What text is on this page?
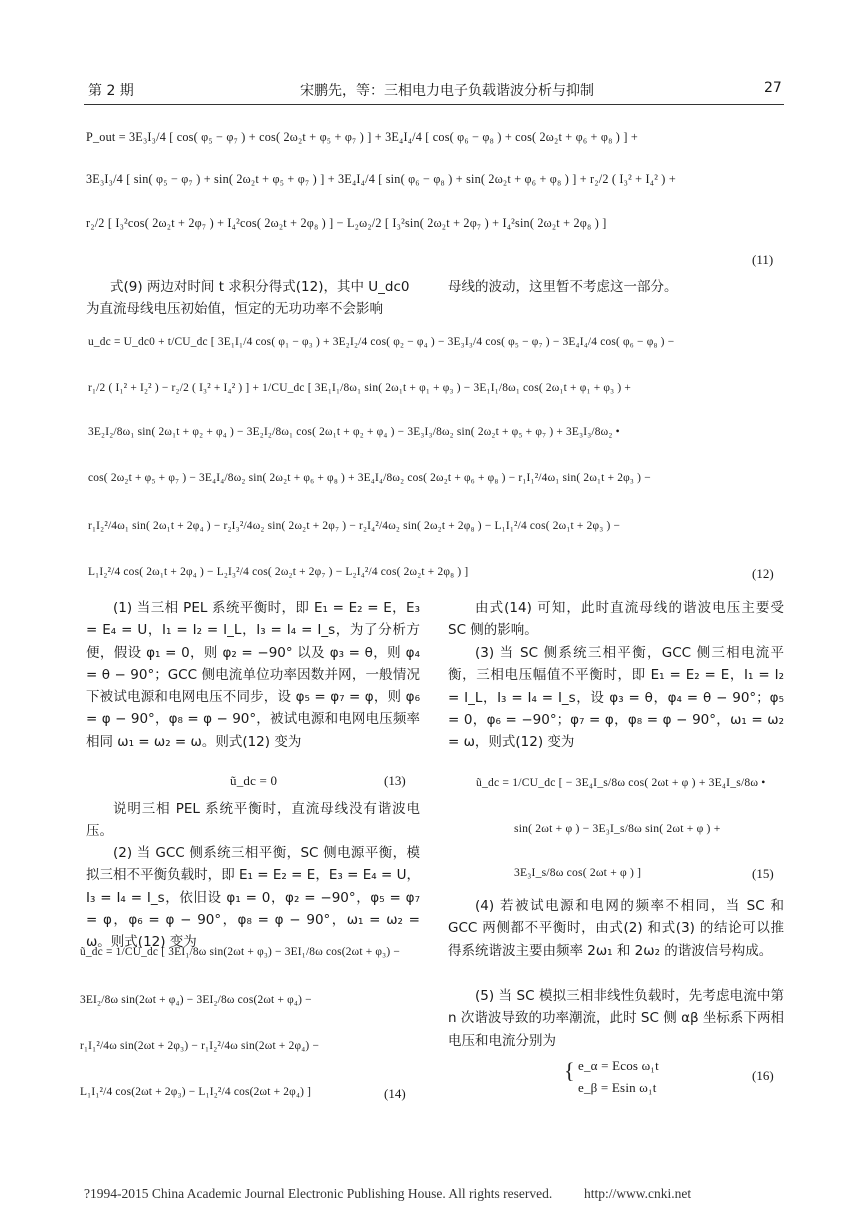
第 2 期	宋鹏先，等：三相电力电子负载谐波分析与抑制	27
P_out = 3E₃I₃/4 [ cos( φ₅ − φ₇ ) + cos( 2ω₂t + φ₅ + φ₇ ) ] + 3E₄I₄/4 [ cos( φ₆ − φ₈ ) + cos( 2ω₂t + φ₆ + φ₈ ) ] +
3E₃I₃/4 [ sin( φ₅ − φ₇ ) + sin( 2ω₂t + φ₅ + φ₇ ) ] + 3E₄I₄/4 [ sin( φ₆ − φ₈ ) + sin( 2ω₂t + φ₆ + φ₈ ) ] + r₂/2 ( I₃² + I₄² ) +
r₂/2 [ I₃²cos( 2ω₂t + 2φ₇ ) + I₄²cos( 2ω₂t + 2φ₈ ) ] − L₂ω₂/2 [ I₃²sin( 2ω₂t + 2φ₇ ) + I₄²sin( 2ω₂t + 2φ₈ ) ]
(11)
式(9) 两边对时间 t 求积分得式(12)，其中 U_dc0
为直流母线电压初始值，恒定的无功功率不会影响
母线的波动，这里暂不考虑这一部分。
u_dc = U_dc0 + t/CU_dc [ 3E₁I₁/4 cos( φ₁ − φ₃ ) + 3E₂I₂/4 cos( φ₂ − φ₄ ) − 3E₃I₃/4 cos( φ₅ − φ₇ ) − 3E₄I₄/4 cos( φ₆ − φ₈ ) −
r₁/2 ( I₁² + I₂² ) − r₂/2 ( I₃² + I₄² ) ] + 1/CU_dc [ 3E₁I₁/8ω₁ sin( 2ω₁t + φ₁ + φ₃ ) − 3E₁I₁/8ω₁ cos( 2ω₁t + φ₁ + φ₃ ) +
3E₂I₂/8ω₁ sin( 2ω₁t + φ₂ + φ₄ ) − 3E₂I₂/8ω₁ cos( 2ω₁t + φ₂ + φ₄ ) − 3E₃I₃/8ω₂ sin( 2ω₂t + φ₅ + φ₇ ) + 3E₃I₃/8ω₂ •
cos( 2ω₂t + φ₅ + φ₇ ) − 3E₄I₄/8ω₂ sin( 2ω₂t + φ₆ + φ₈ ) + 3E₄I₄/8ω₂ cos( 2ω₂t + φ₆ + φ₈ ) − r₁I₁²/4ω₁ sin( 2ω₁t + 2φ₃ ) −
r₁I₂²/4ω₁ sin( 2ω₁t + 2φ₄ ) − r₂I₃²/4ω₂ sin( 2ω₂t + 2φ₇ ) − r₂I₄²/4ω₂ sin( 2ω₂t + 2φ₈ ) − L₁I₁²/4 cos( 2ω₁t + 2φ₃ ) −
L₁I₂²/4 cos( 2ω₁t + 2φ₄ ) − L₂I₃²/4 cos( 2ω₂t + 2φ₇ ) − L₂I₄²/4 cos( 2ω₂t + 2φ₈ ) ]	(12)
(1) 当三相 PEL 系统平衡时，即 E₁ = E₂ = E，E₃ = E₄ = U，I₁ = I₂ = I_L，I₃ = I₄ = I_s，为了分析方便，假设 φ₁ = 0，则 φ₂ = −90° 以及 φ₃ = θ，则 φ₄ = θ − 90°；GCC 侧电流单位功率因数并网，一般情况下被试电源和电网电压不同步，设 φ₅ = φ₇ = φ，则 φ₆ = φ − 90°，φ₈ = φ − 90°，被试电源和电网电压频率相同 ω₁ = ω₂ = ω。则式(12) 变为
ũ_dc = 0	(13)
说明三相 PEL 系统平衡时，直流母线没有谐波电压。
(2) 当 GCC 侧系统三相平衡，SC 侧电源平衡，模拟三相不平衡负载时，即 E₁ = E₂ = E，E₃ = E₄ = U，I₃ = I₄ = I_s，依旧设 φ₁ = 0，φ₂ = −90°，φ₅ = φ₇ = φ，φ₆ = φ − 90°，φ₈ = φ − 90°，ω₁ = ω₂ = ω。则式(12) 变为
ũ_dc = 1/CU_dc [ 3EI₁/8ω sin(2ωt + φ₃) − 3EI₁/8ω cos(2ωt + φ₃) −
3EI₂/8ω sin(2ωt + φ₄) − 3EI₂/8ω cos(2ωt + φ₄) −
r₁I₁²/4ω sin(2ωt + 2φ₃) − r₁I₂²/4ω sin(2ωt + 2φ₄) −
L₁I₁²/4 cos(2ωt + 2φ₃) − L₁I₂²/4 cos(2ωt + 2φ₄) ]	(14)
由式(14) 可知，此时直流母线的谐波电压主要受 SC 侧的影响。
(3) 当 SC 侧系统三相平衡，GCC 侧三相电流平衡，三相电压幅值不平衡时，即 E₁ = E₂ = E，I₁ = I₂ = I_L，I₃ = I₄ = I_s，设 φ₃ = θ，φ₄ = θ − 90°；φ₅ = 0，φ₆ = −90°；φ₇ = φ，φ₈ = φ − 90°，ω₁ = ω₂ = ω，则式(12) 变为
ũ_dc = 1/CU_dc [ − 3E₄I_s/8ω cos( 2ωt + φ ) + 3E₄I_s/8ω •
sin( 2ωt + φ ) − 3E₃I_s/8ω sin( 2ωt + φ ) +
3E₃I_s/8ω cos( 2ωt + φ ) ]	(15)
(4) 若被试电源和电网的频率不相同，当 SC 和 GCC 两侧都不平衡时，由式(2) 和式(3) 的结论可以推得系统谐波主要由频率 2ω₁ 和 2ω₂ 的谐波信号构成。
(5) 当 SC 模拟三相非线性负载时，先考虑电流中第 n 次谐波导致的功率潮流，此时 SC 侧 αβ 坐标系下两相电压和电流分别为
{ e_α = Ecos ω₁t
e_β = Esin ω₁t
(16)
?1994-2015 China Academic Journal Electronic Publishing House. All rights reserved. http://www.cnki.net
